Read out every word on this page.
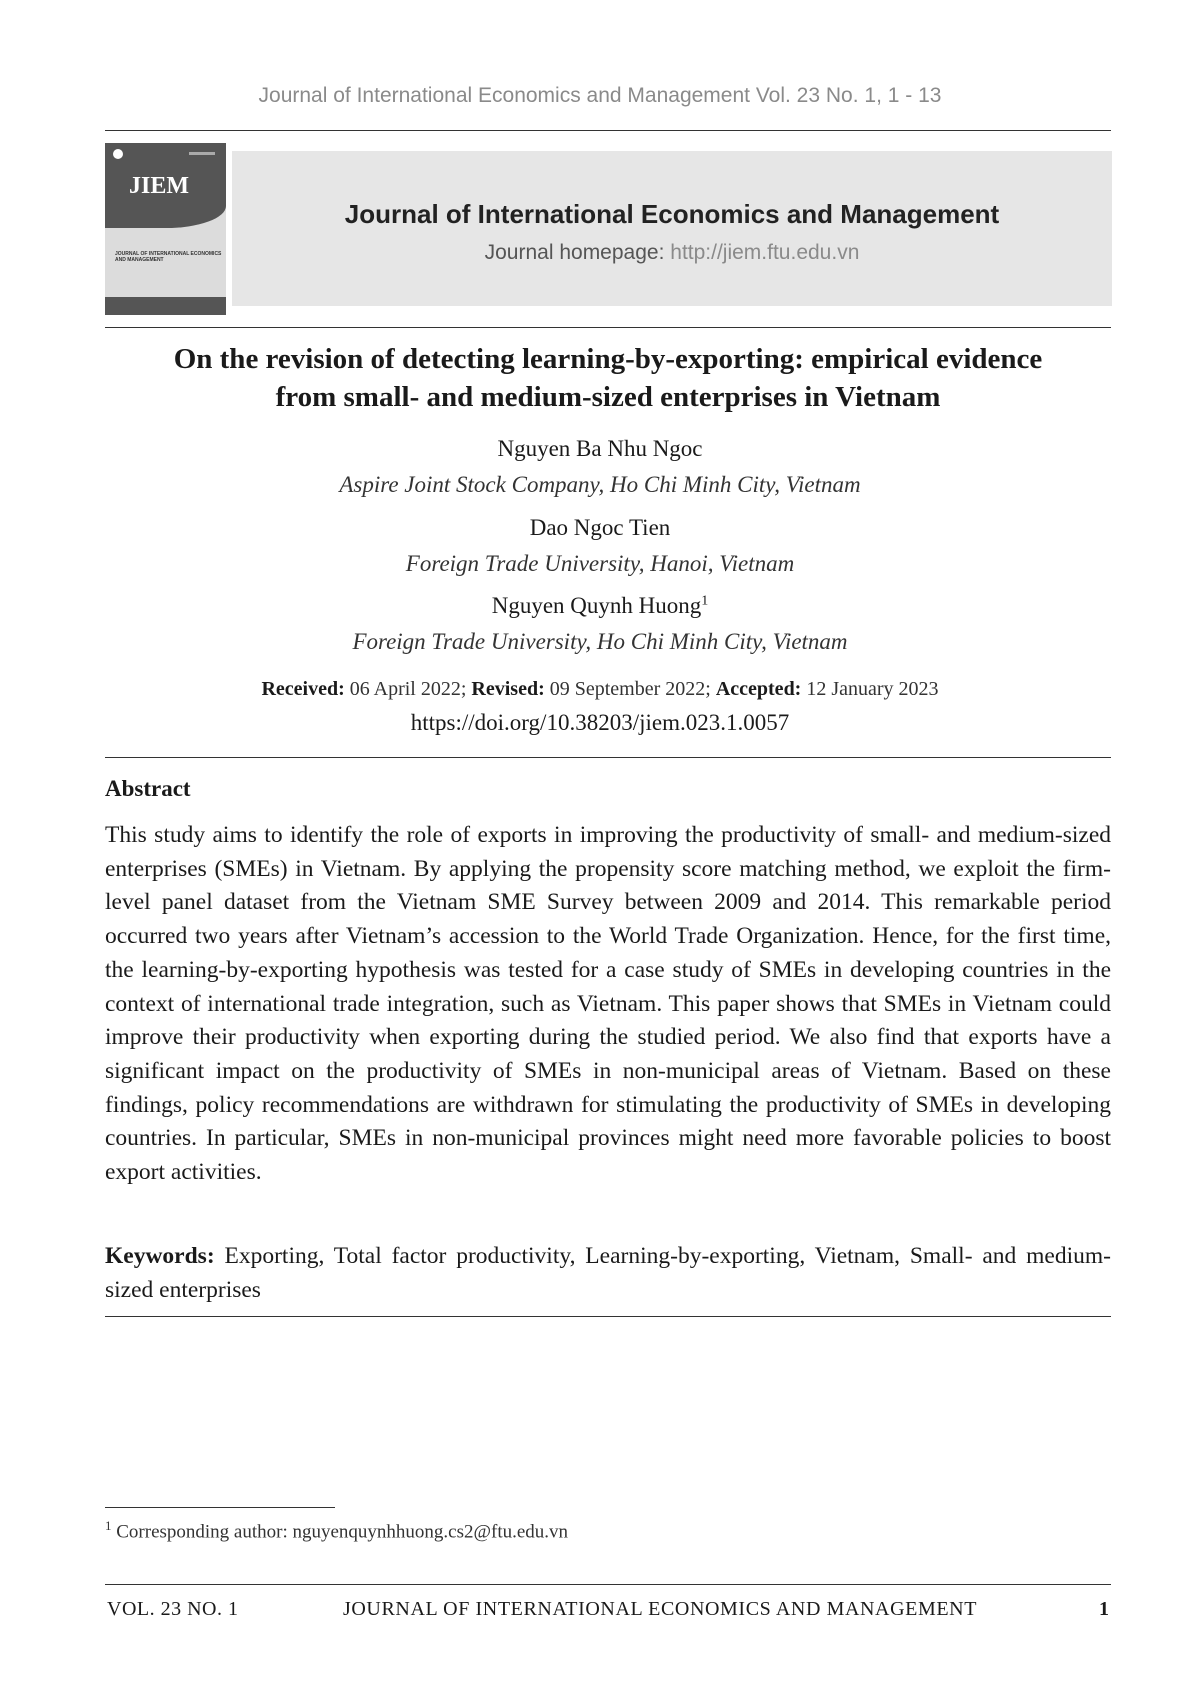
Journal of International Economics and Management Vol. 23 No. 1, 1 - 13
JIEM
JOURNAL OF INTERNATIONAL ECONOMICS AND MANAGEMENT
Journal of International Economics and Management
Journal homepage: http://jiem.ftu.edu.vn
On the revision of detecting learning-by-exporting: empirical evidence
from small- and medium-sized enterprises in Vietnam
Nguyen Ba Nhu Ngoc
Aspire Joint Stock Company, Ho Chi Minh City, Vietnam
Dao Ngoc Tien
Foreign Trade University, Hanoi, Vietnam
Nguyen Quynh Huong$^1$
Foreign Trade University, Ho Chi Minh City, Vietnam
Received: 06 April 2022; Revised: 09 September 2022; Accepted: 12 January 2023
https://doi.org/10.38203/jiem.023.1.0057
Abstract

This study aims to identify the role of exports in improving the productivity of small- and medium-sized enterprises (SMEs) in Vietnam. By applying the propensity score matching method, we exploit the firm-level panel dataset from the Vietnam SME Survey between 2009 and 2014. This remarkable period occurred two years after Vietnam’s accession to the World Trade Organization. Hence, for the first time, the learning-by-exporting hypothesis was tested for a case study of SMEs in developing countries in the context of international trade integration, such as Vietnam. This paper shows that SMEs in Vietnam could improve their productivity when exporting during the studied period. We also find that exports have a significant impact on the productivity of SMEs in non-municipal areas of Vietnam. Based on these findings, policy recommendations are withdrawn for stimulating the productivity of SMEs in developing countries. In particular, SMEs in non-municipal provinces might need more favorable policies to boost export activities.

Keywords: Exporting, Total factor productivity, Learning-by-exporting, Vietnam, Small- and medium-sized enterprises

$^1$ Corresponding author: nguyenquynhhuong.cs2@ftu.edu.vn
VOL. 23 NO. 1	JOURNAL OF INTERNATIONAL ECONOMICS AND MANAGEMENT	1
